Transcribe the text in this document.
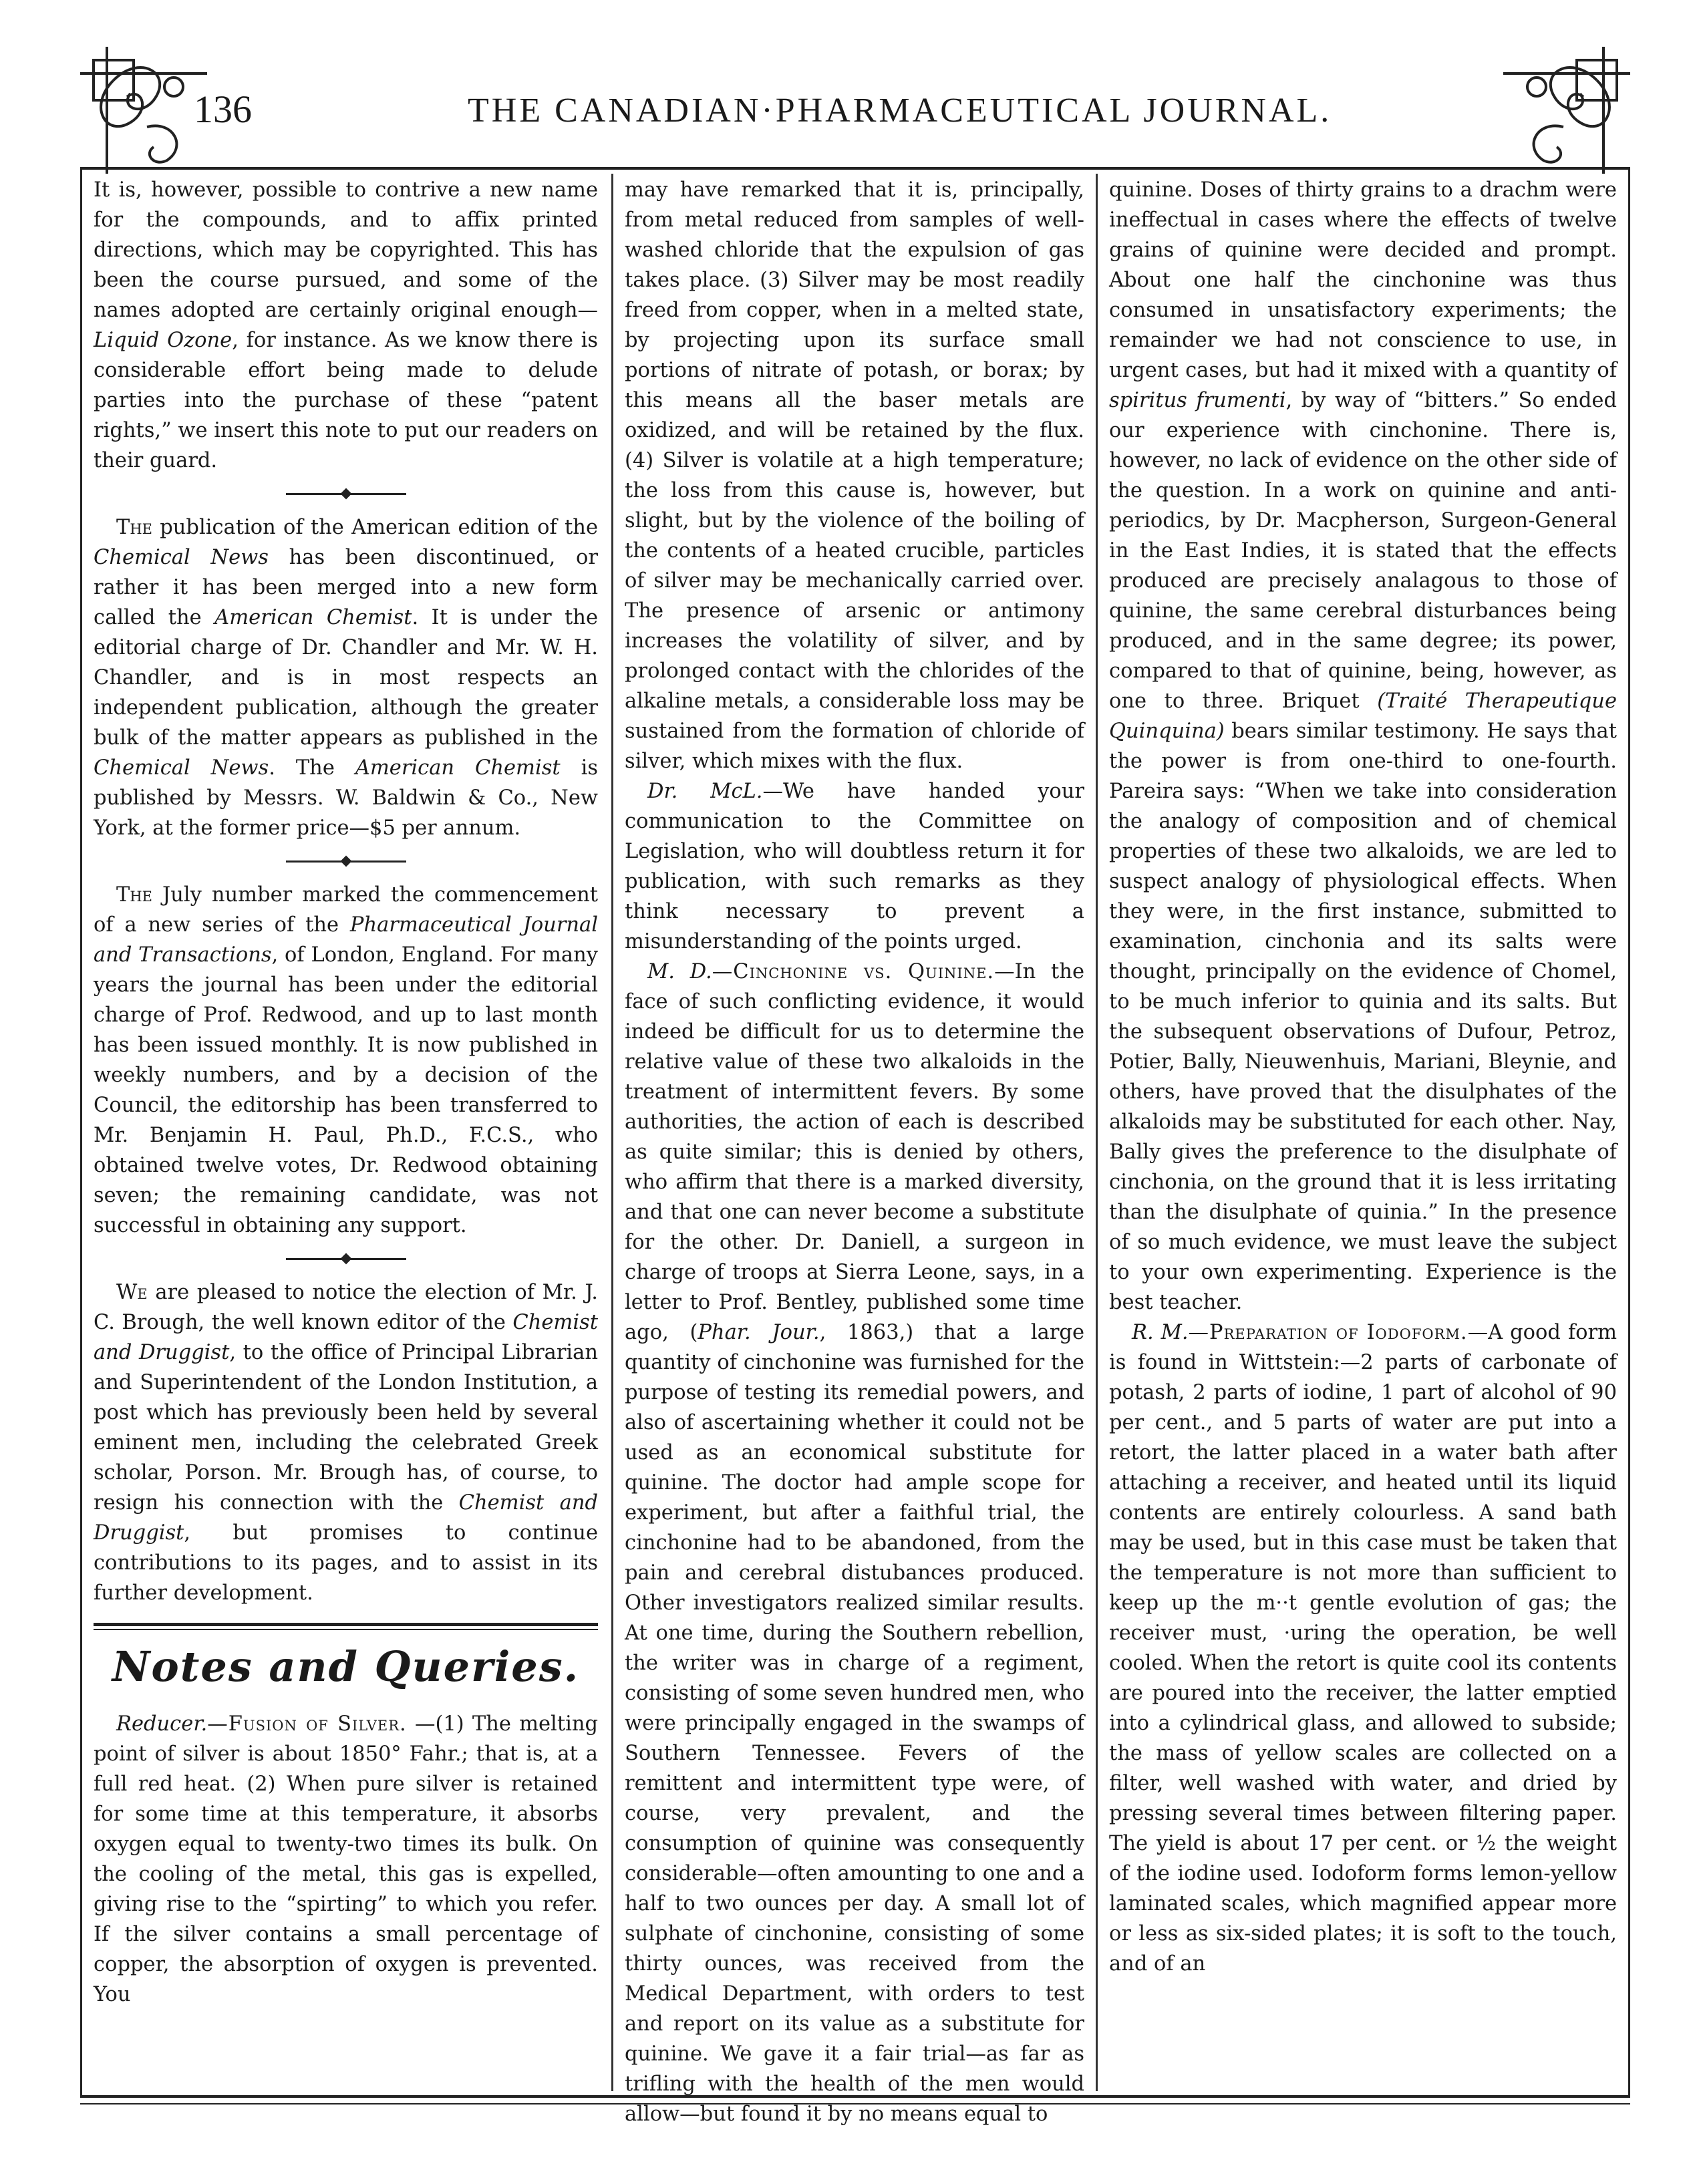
136	THE CANADIAN·PHARMACEUTICAL JOURNAL.

It is, however, possible to contrive a new name for the compounds, and to affix printed directions, which may be copyrighted. This has been the course pursued, and some of the names adopted are certainly original enough—Liquid Ozone, for instance. As we know there is considerable effort being made to delude parties into the purchase of these “patent rights,” we insert this note to put our readers on their guard.

The publication of the American edition of the Chemical News has been discontinued, or rather it has been merged into a new form called the American Chemist. It is under the editorial charge of Dr. Chandler and Mr. W. H. Chandler, and is in most respects an independent publication, although the greater bulk of the matter appears as published in the Chemical News. The American Chemist is published by Messrs. W. Baldwin & Co., New York, at the former price—$5 per annum.

The July number marked the commencement of a new series of the Pharmaceutical Journal and Transactions, of London, England. For many years the journal has been under the editorial charge of Prof. Redwood, and up to last month has been issued monthly. It is now published in weekly numbers, and by a decision of the Council, the editorship has been transferred to Mr. Benjamin H. Paul, Ph.D., F.C.S., who obtained twelve votes, Dr. Redwood obtaining seven; the remaining candidate, was not successful in obtaining any support.

We are pleased to notice the election of Mr. J. C. Brough, the well known editor of the Chemist and Druggist, to the office of Principal Librarian and Superintendent of the London Institution, a post which has previously been held by several eminent men, including the celebrated Greek scholar, Porson. Mr. Brough has, of course, to resign his connection with the Chemist and Druggist, but promises to continue contributions to its pages, and to assist in its further development.

Notes and Queries.

Reducer.—Fusion of Silver. —(1) The melting point of silver is about 1850° Fahr.; that is, at a full red heat. (2) When pure silver is retained for some time at this temperature, it absorbs oxygen equal to twenty-two times its bulk. On the cooling of the metal, this gas is expelled, giving rise to the “spirting” to which you refer. If the silver contains a small percentage of copper, the absorption of oxygen is prevented. You

may have remarked that it is, principally, from metal reduced from samples of well-washed chloride that the expulsion of gas takes place. (3) Silver may be most readily freed from copper, when in a melted state, by projecting upon its surface small portions of nitrate of potash, or borax; by this means all the baser metals are oxidized, and will be retained by the flux. (4) Silver is volatile at a high temperature; the loss from this cause is, however, but slight, but by the violence of the boiling of the contents of a heated crucible, particles of silver may be mechanically carried over. The presence of arsenic or antimony increases the volatility of silver, and by prolonged contact with the chlorides of the alkaline metals, a considerable loss may be sustained from the formation of chloride of silver, which mixes with the flux.

Dr. McL.—We have handed your communication to the Committee on Legislation, who will doubtless return it for publication, with such remarks as they think necessary to prevent a misunderstanding of the points urged.

M. D.—Cinchonine vs. Quinine.—In the face of such conflicting evidence, it would indeed be difficult for us to determine the relative value of these two alkaloids in the treatment of intermittent fevers. By some authorities, the action of each is described as quite similar; this is denied by others, who affirm that there is a marked diversity, and that one can never become a substitute for the other. Dr. Daniell, a surgeon in charge of troops at Sierra Leone, says, in a letter to Prof. Bentley, published some time ago, (Phar. Jour., 1863,) that a large quantity of cinchonine was furnished for the purpose of testing its remedial powers, and also of ascertaining whether it could not be used as an economical substitute for quinine. The doctor had ample scope for experiment, but after a faithful trial, the cinchonine had to be abandoned, from the pain and cerebral distubances produced. Other investigators realized similar results. At one time, during the Southern rebellion, the writer was in charge of a regiment, consisting of some seven hundred men, who were principally engaged in the swamps of Southern Tennessee. Fevers of the remittent and intermittent type were, of course, very prevalent, and the consumption of quinine was consequently considerable—often amounting to one and a half to two ounces per day. A small lot of sulphate of cinchonine, consisting of some thirty ounces, was received from the Medical Department, with orders to test and report on its value as a substitute for quinine. We gave it a fair trial—as far as trifling with the health of the men would allow—but found it by no means equal to

quinine. Doses of thirty grains to a drachm were ineffectual in cases where the effects of twelve grains of quinine were decided and prompt. About one half the cinchonine was thus consumed in unsatisfactory experiments; the remainder we had not conscience to use, in urgent cases, but had it mixed with a quantity of spiritus frumenti, by way of “bitters.” So ended our experience with cinchonine. There is, however, no lack of evidence on the other side of the question. In a work on quinine and anti-periodics, by Dr. Macpherson, Surgeon-General in the East Indies, it is stated that the effects produced are precisely analagous to those of quinine, the same cerebral disturbances being produced, and in the same degree; its power, compared to that of quinine, being, however, as one to three. Briquet (Traité Therapeutique Quinquina) bears similar testimony. He says that the power is from one-third to one-fourth. Pareira says: “When we take into consideration the analogy of composition and of chemical properties of these two alkaloids, we are led to suspect analogy of physiological effects. When they were, in the first instance, submitted to examination, cinchonia and its salts were thought, principally on the evidence of Chomel, to be much inferior to quinia and its salts. But the subsequent observations of Dufour, Petroz, Potier, Bally, Nieuwenhuis, Mariani, Bleynie, and others, have proved that the disulphates of the alkaloids may be substituted for each other. Nay, Bally gives the preference to the disulphate of cinchonia, on the ground that it is less irritating than the disulphate of quinia.” In the presence of so much evidence, we must leave the subject to your own experimenting. Experience is the best teacher.

R. M.—Preparation of Iodoform.—A good form is found in Wittstein:—2 parts of carbonate of potash, 2 parts of iodine, 1 part of alcohol of 90 per cent., and 5 parts of water are put into a retort, the latter placed in a water bath after attaching a receiver, and heated until its liquid contents are entirely colourless. A sand bath may be used, but in this case must be taken that the temperature is not more than sufficient to keep up the m··t gentle evolution of gas; the receiver must, ·uring the operation, be well cooled. When the retort is quite cool its contents are poured into the receiver, the latter emptied into a cylindrical glass, and allowed to subside; the mass of yellow scales are collected on a filter, well washed with water, and dried by pressing several times between filtering paper. The yield is about 17 per cent. or ½ the weight of the iodine used. Iodoform forms lemon-yellow laminated scales, which magnified appear more or less as six-sided plates; it is soft to the touch, and of an
